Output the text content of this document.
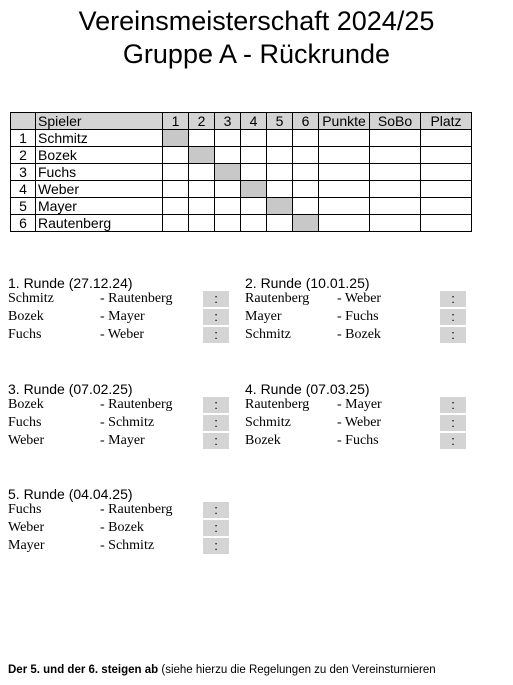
Vereinsmeisterschaft 2024/25
Gruppe A - Rückrunde
	Spieler	1	2	3	4	5	6	Punkte	SoBo	Platz
1	Schmitz									
2	Bozek									
3	Fuchs									
4	Weber									
5	Mayer									
6	Rautenberg									
1. Runde (27.12.24)
Schmitz	- Rautenberg	:
Bozek	- Mayer	:
Fuchs	- Weber	:
2. Runde (10.01.25)
Rautenberg - Weber	:
Mayer	- Fuchs	:
Schmitz	- Bozek	:
3. Runde (07.02.25)
Bozek	- Rautenberg	:
Fuchs	- Schmitz	:
Weber	- Mayer	:
4. Runde (07.03.25)
Rautenberg - Mayer	:
Schmitz	- Weber	:
Bozek	- Fuchs	:
5. Runde (04.04.25)
Fuchs	- Rautenberg	:
Weber	- Bozek	:
Mayer	- Schmitz	:
Der 5. und der 6. steigen ab (siehe hierzu die Regelungen zu den Vereinsturnieren
